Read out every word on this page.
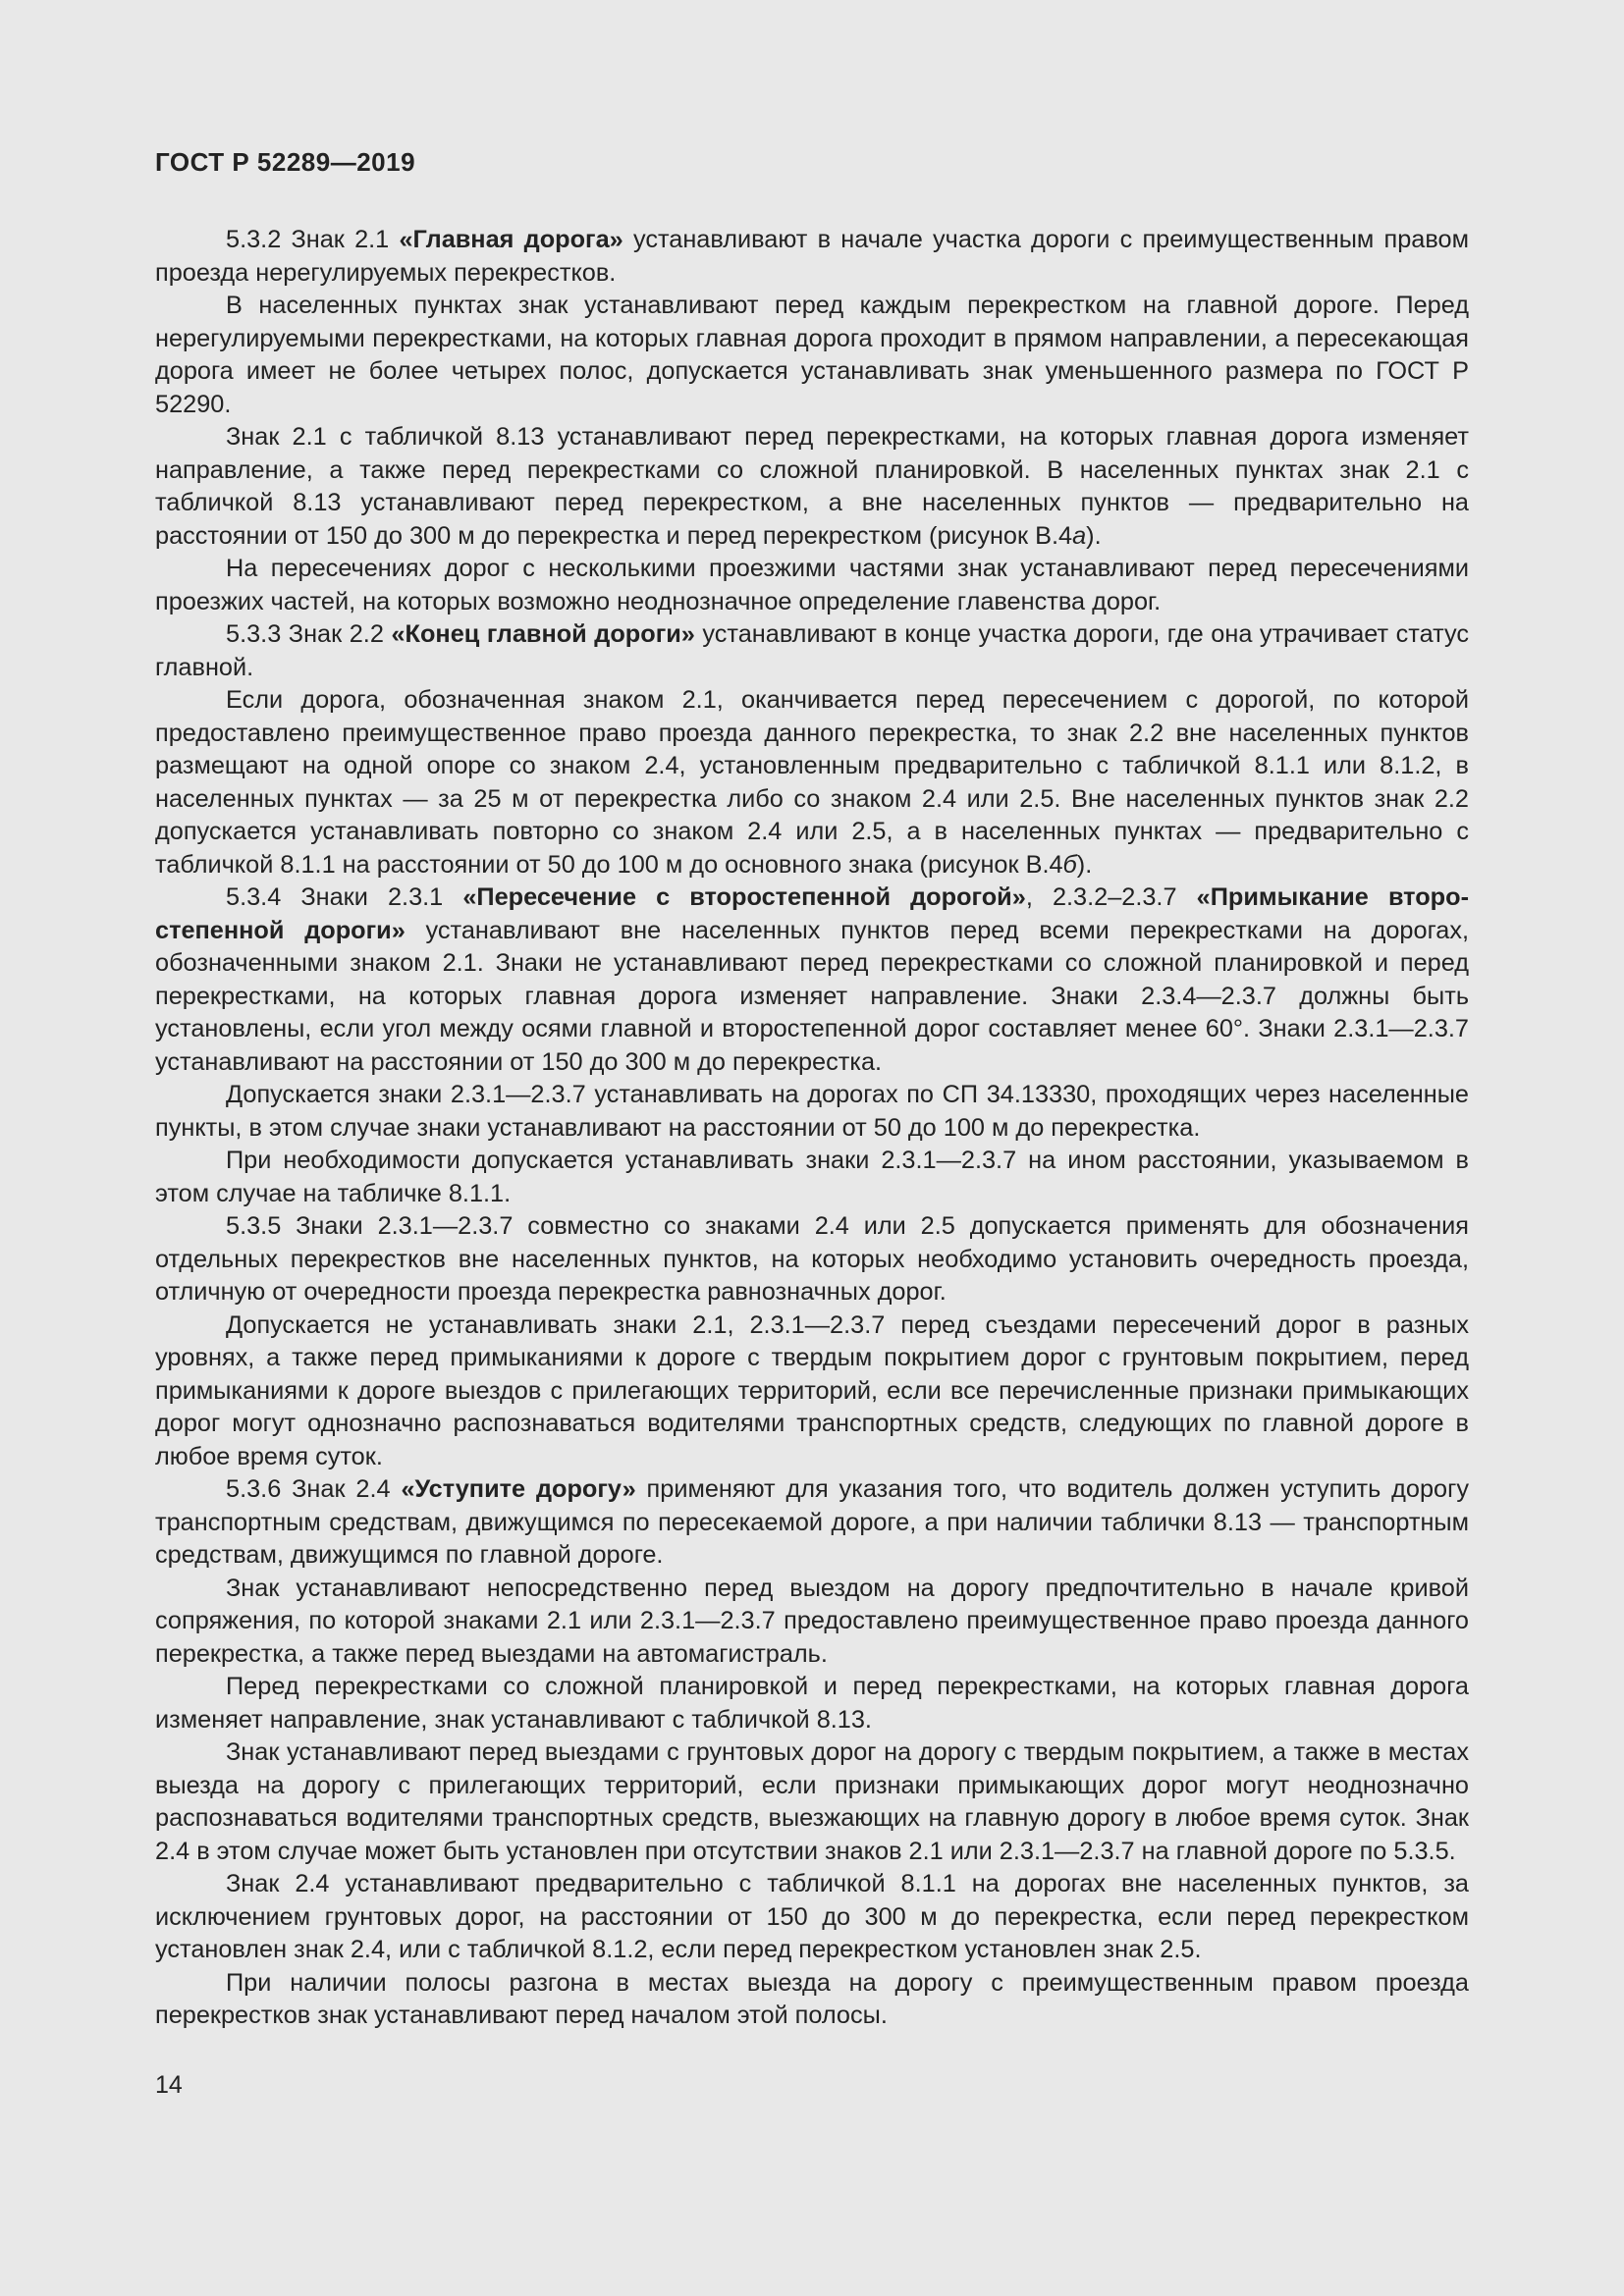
ГОСТ Р 52289—2019

5.3.2 Знак 2.1 «Главная дорога» устанавливают в начале участка дороги с преимущественным правом проезда нерегулируемых перекрестков.

В населенных пунктах знак устанавливают перед каждым перекрестком на главной дороге. Перед нерегулируемыми перекрестками, на которых главная дорога проходит в прямом направлении, а пересекающая дорога имеет не более четырех полос, допускается устанавливать знак уменьшенного размера по ГОСТ Р 52290.

Знак 2.1 с табличкой 8.13 устанавливают перед перекрестками, на которых главная дорога изменяет направление, а также перед перекрестками со сложной планировкой. В населенных пунктах знак 2.1 с табличкой 8.13 устанавливают перед перекрестком, а вне населенных пунктов — предварительно на расстоянии от 150 до 300 м до перекрестка и перед перекрестком (рисунок В.4а).

На пересечениях дорог с несколькими проезжими частями знак устанавливают перед пересечениями проезжих частей, на которых возможно неоднозначное определение главенства дорог.

5.3.3 Знак 2.2 «Конец главной дороги» устанавливают в конце участка дороги, где она утрачивает статус главной.

Если дорога, обозначенная знаком 2.1, оканчивается перед пересечением с дорогой, по которой предоставлено преимущественное право проезда данного перекрестка, то знак 2.2 вне населенных пунктов размещают на одной опоре со знаком 2.4, установленным предварительно с табличкой 8.1.1 или 8.1.2, в населенных пунктах — за 25 м от перекрестка либо со знаком 2.4 или 2.5. Вне населенных пунктов знак 2.2 допускается устанавливать повторно со знаком 2.4 или 2.5, а в населенных пунктах — предварительно с табличкой 8.1.1 на расстоянии от 50 до 100 м до основного знака (рисунок В.4б).

5.3.4 Знаки 2.3.1 «Пересечение с второстепенной дорогой», 2.3.2–2.3.7 «Примыкание второстепенной дороги» устанавливают вне населенных пунктов перед всеми перекрестками на дорогах, обозначенными знаком 2.1. Знаки не устанавливают перед перекрестками со сложной планировкой и перед перекрестками, на которых главная дорога изменяет направление. Знаки 2.3.4—2.3.7 должны быть установлены, если угол между осями главной и второстепенной дорог составляет менее 60°. Знаки 2.3.1—2.3.7 устанавливают на расстоянии от 150 до 300 м до перекрестка.

Допускается знаки 2.3.1—2.3.7 устанавливать на дорогах по СП 34.13330, проходящих через населенные пункты, в этом случае знаки устанавливают на расстоянии от 50 до 100 м до перекрестка.

При необходимости допускается устанавливать знаки 2.3.1—2.3.7 на ином расстоянии, указываемом в этом случае на табличке 8.1.1.

5.3.5 Знаки 2.3.1—2.3.7 совместно со знаками 2.4 или 2.5 допускается применять для обозначения отдельных перекрестков вне населенных пунктов, на которых необходимо установить очередность проезда, отличную от очередности проезда перекрестка равнозначных дорог.

Допускается не устанавливать знаки 2.1, 2.3.1—2.3.7 перед съездами пересечений дорог в разных уровнях, а также перед примыканиями к дороге с твердым покрытием дорог с грунтовым покрытием, перед примыканиями к дороге выездов с прилегающих территорий, если все перечисленные признаки примыкающих дорог могут однозначно распознаваться водителями транспортных средств, следующих по главной дороге в любое время суток.

5.3.6 Знак 2.4 «Уступите дорогу» применяют для указания того, что водитель должен уступить дорогу транспортным средствам, движущимся по пересекаемой дороге, а при наличии таблички 8.13 — транспортным средствам, движущимся по главной дороге.

Знак устанавливают непосредственно перед выездом на дорогу предпочтительно в начале кривой сопряжения, по которой знаками 2.1 или 2.3.1—2.3.7 предоставлено преимущественное право проезда данного перекрестка, а также перед выездами на автомагистраль.

Перед перекрестками со сложной планировкой и перед перекрестками, на которых главная дорога изменяет направление, знак устанавливают с табличкой 8.13.

Знак устанавливают перед выездами с грунтовых дорог на дорогу с твердым покрытием, а также в местах выезда на дорогу с прилегающих территорий, если признаки примыкающих дорог могут неоднозначно распознаваться водителями транспортных средств, выезжающих на главную дорогу в любое время суток. Знак 2.4 в этом случае может быть установлен при отсутствии знаков 2.1 или 2.3.1—2.3.7 на главной дороге по 5.3.5.

Знак 2.4 устанавливают предварительно с табличкой 8.1.1 на дорогах вне населенных пунктов, за исключением грунтовых дорог, на расстоянии от 150 до 300 м до перекрестка, если перед перекрестком установлен знак 2.4, или с табличкой 8.1.2, если перед перекрестком установлен знак 2.5.

При наличии полосы разгона в местах выезда на дорогу с преимущественным правом проезда перекрестков знак устанавливают перед началом этой полосы.

14
